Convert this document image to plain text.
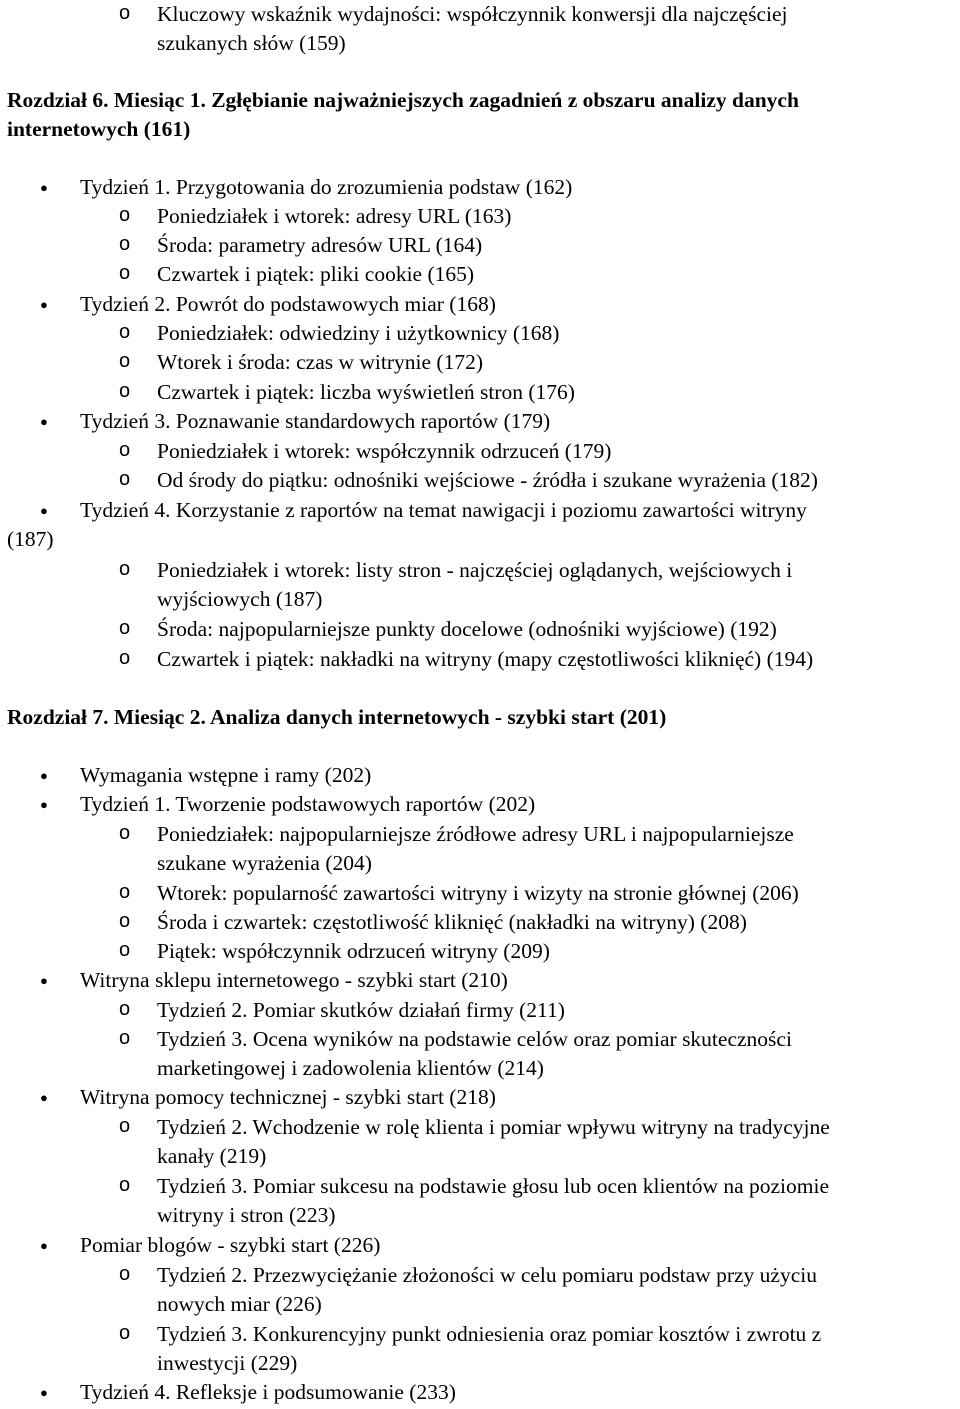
o Kluczowy wskaźnik wydajności: współczynnik konwersji dla najczęściej
szukanych słów (159)
Rozdział 6. Miesiąc 1. Zgłębianie najważniejszych zagadnień z obszaru analizy danych
internetowych (161)
● Tydzień 1. Przygotowania do zrozumienia podstaw (162)
o Poniedziałek i wtorek: adresy URL (163)
o Środa: parametry adresów URL (164)
o Czwartek i piątek: pliki cookie (165)
● Tydzień 2. Powrót do podstawowych miar (168)
o Poniedziałek: odwiedziny i użytkownicy (168)
o Wtorek i środa: czas w witrynie (172)
o Czwartek i piątek: liczba wyświetleń stron (176)
● Tydzień 3. Poznawanie standardowych raportów (179)
o Poniedziałek i wtorek: współczynnik odrzuceń (179)
o Od środy do piątku: odnośniki wejściowe - źródła i szukane wyrażenia (182)
● Tydzień 4. Korzystanie z raportów na temat nawigacji i poziomu zawartości witryny
(187)
o Poniedziałek i wtorek: listy stron - najczęściej oglądanych, wejściowych i
wyjściowych (187)
o Środa: najpopularniejsze punkty docelowe (odnośniki wyjściowe) (192)
o Czwartek i piątek: nakładki na witryny (mapy częstotliwości kliknięć) (194)
Rozdział 7. Miesiąc 2. Analiza danych internetowych - szybki start (201)
● Wymagania wstępne i ramy (202)
● Tydzień 1. Tworzenie podstawowych raportów (202)
o Poniedziałek: najpopularniejsze źródłowe adresy URL i najpopularniejsze
szukane wyrażenia (204)
o Wtorek: popularność zawartości witryny i wizyty na stronie głównej (206)
o Środa i czwartek: częstotliwość kliknięć (nakładki na witryny) (208)
o Piątek: współczynnik odrzuceń witryny (209)
● Witryna sklepu internetowego - szybki start (210)
o Tydzień 2. Pomiar skutków działań firmy (211)
o Tydzień 3. Ocena wyników na podstawie celów oraz pomiar skuteczności
marketingowej i zadowolenia klientów (214)
● Witryna pomocy technicznej - szybki start (218)
o Tydzień 2. Wchodzenie w rolę klienta i pomiar wpływu witryny na tradycyjne
kanały (219)
o Tydzień 3. Pomiar sukcesu na podstawie głosu lub ocen klientów na poziomie
witryny i stron (223)
● Pomiar blogów - szybki start (226)
o Tydzień 2. Przezwyciężanie złożoności w celu pomiaru podstaw przy użyciu
nowych miar (226)
o Tydzień 3. Konkurencyjny punkt odniesienia oraz pomiar kosztów i zwrotu z
inwestycji (229)
● Tydzień 4. Refleksje i podsumowanie (233)
